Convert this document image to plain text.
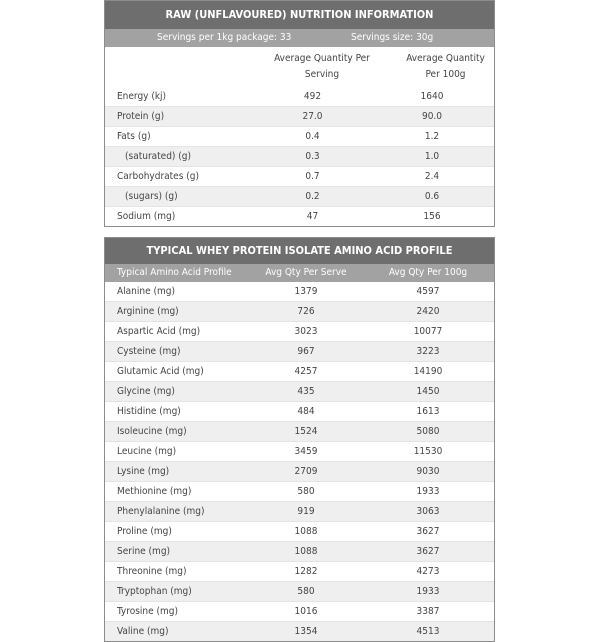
RAW (UNFLAVOURED) NUTRITION INFORMATION
Servings per 1kg package: 33	Servings size: 30g
Average Quantity Per Serving
Average Quantity Per 100g
Energy (kj)	492	1640
Protein (g)	27.0	90.0
Fats (g)	0.4	1.2
(saturated) (g)	0.3	1.0
Carbohydrates (g)	0.7	2.4
(sugars) (g)	0.2	0.6
Sodium (mg)	47	156
TYPICAL WHEY PROTEIN ISOLATE AMINO ACID PROFILE
Typical Amino Acid Profile	Avg Qty Per Serve	Avg Qty Per 100g
Alanine (mg)	1379	4597
Arginine (mg)	726	2420
Aspartic Acid (mg)	3023	10077
Cysteine (mg)	967	3223
Glutamic Acid (mg)	4257	14190
Glycine (mg)	435	1450
Histidine (mg)	484	1613
Isoleucine (mg)	1524	5080
Leucine (mg)	3459	11530
Lysine (mg)	2709	9030
Methionine (mg)	580	1933
Phenylalanine (mg)	919	3063
Proline (mg)	1088	3627
Serine (mg)	1088	3627
Threonine (mg)	1282	4273
Tryptophan (mg)	580	1933
Tyrosine (mg)	1016	3387
Valine (mg)	1354	4513
